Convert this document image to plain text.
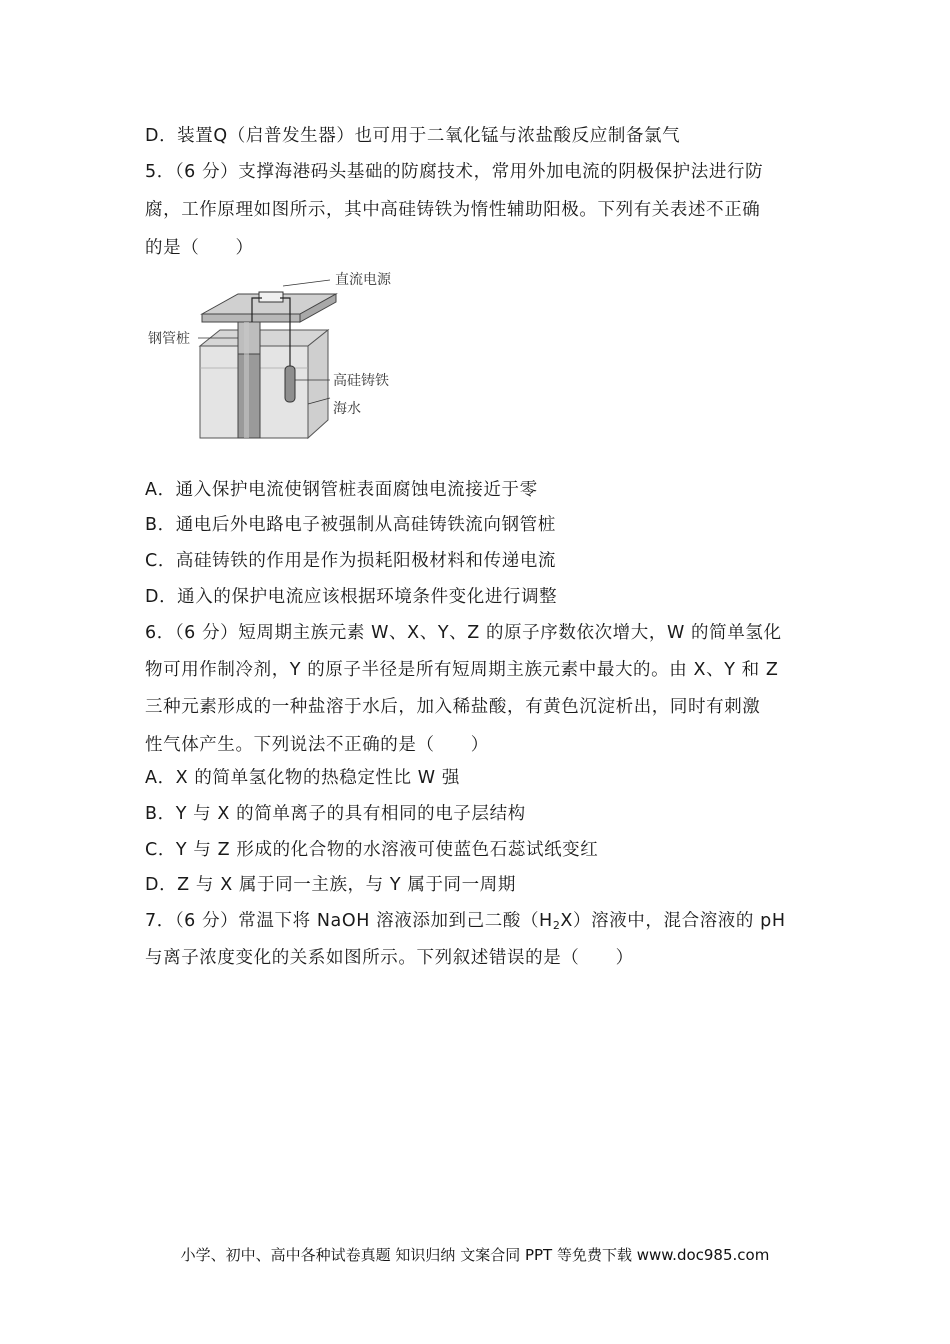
D．装置Q（启普发生器）也可用于二氧化锰与浓盐酸反应制备氯气
5．（6 分）支撑海港码头基础的防腐技术，常用外加电流的阴极保护法进行防
腐，工作原理如图所示，其中高硅铸铁为惰性辅助阳极。下列有关表述不正确
的是（　　）
直流电源
钢管桩
高硅铸铁
海水
A．通入保护电流使钢管桩表面腐蚀电流接近于零
B．通电后外电路电子被强制从高硅铸铁流向钢管桩
C．高硅铸铁的作用是作为损耗阳极材料和传递电流
D．通入的保护电流应该根据环境条件变化进行调整
6．（6 分）短周期主族元素 W、X、Y、Z 的原子序数依次增大，W 的简单氢化
物可用作制冷剂，Y 的原子半径是所有短周期主族元素中最大的。由 X、Y 和 Z
三种元素形成的一种盐溶于水后，加入稀盐酸，有黄色沉淀析出，同时有刺激
性气体产生。下列说法不正确的是（　　）
A．X 的简单氢化物的热稳定性比 W 强
B．Y 与 X 的简单离子的具有相同的电子层结构
C．Y 与 Z 形成的化合物的水溶液可使蓝色石蕊试纸变红
D．Z 与 X 属于同一主族，与 Y 属于同一周期
7．（6 分）常温下将 NaOH 溶液添加到己二酸$(H_2X)$溶液中，混合溶液的 pH
与离子浓度变化的关系如图所示。下列叙述错误的是（　　）
小学、初中、高中各种试卷真题 知识归纳 文案合同 PPT 等免费下载 www.doc985.com
